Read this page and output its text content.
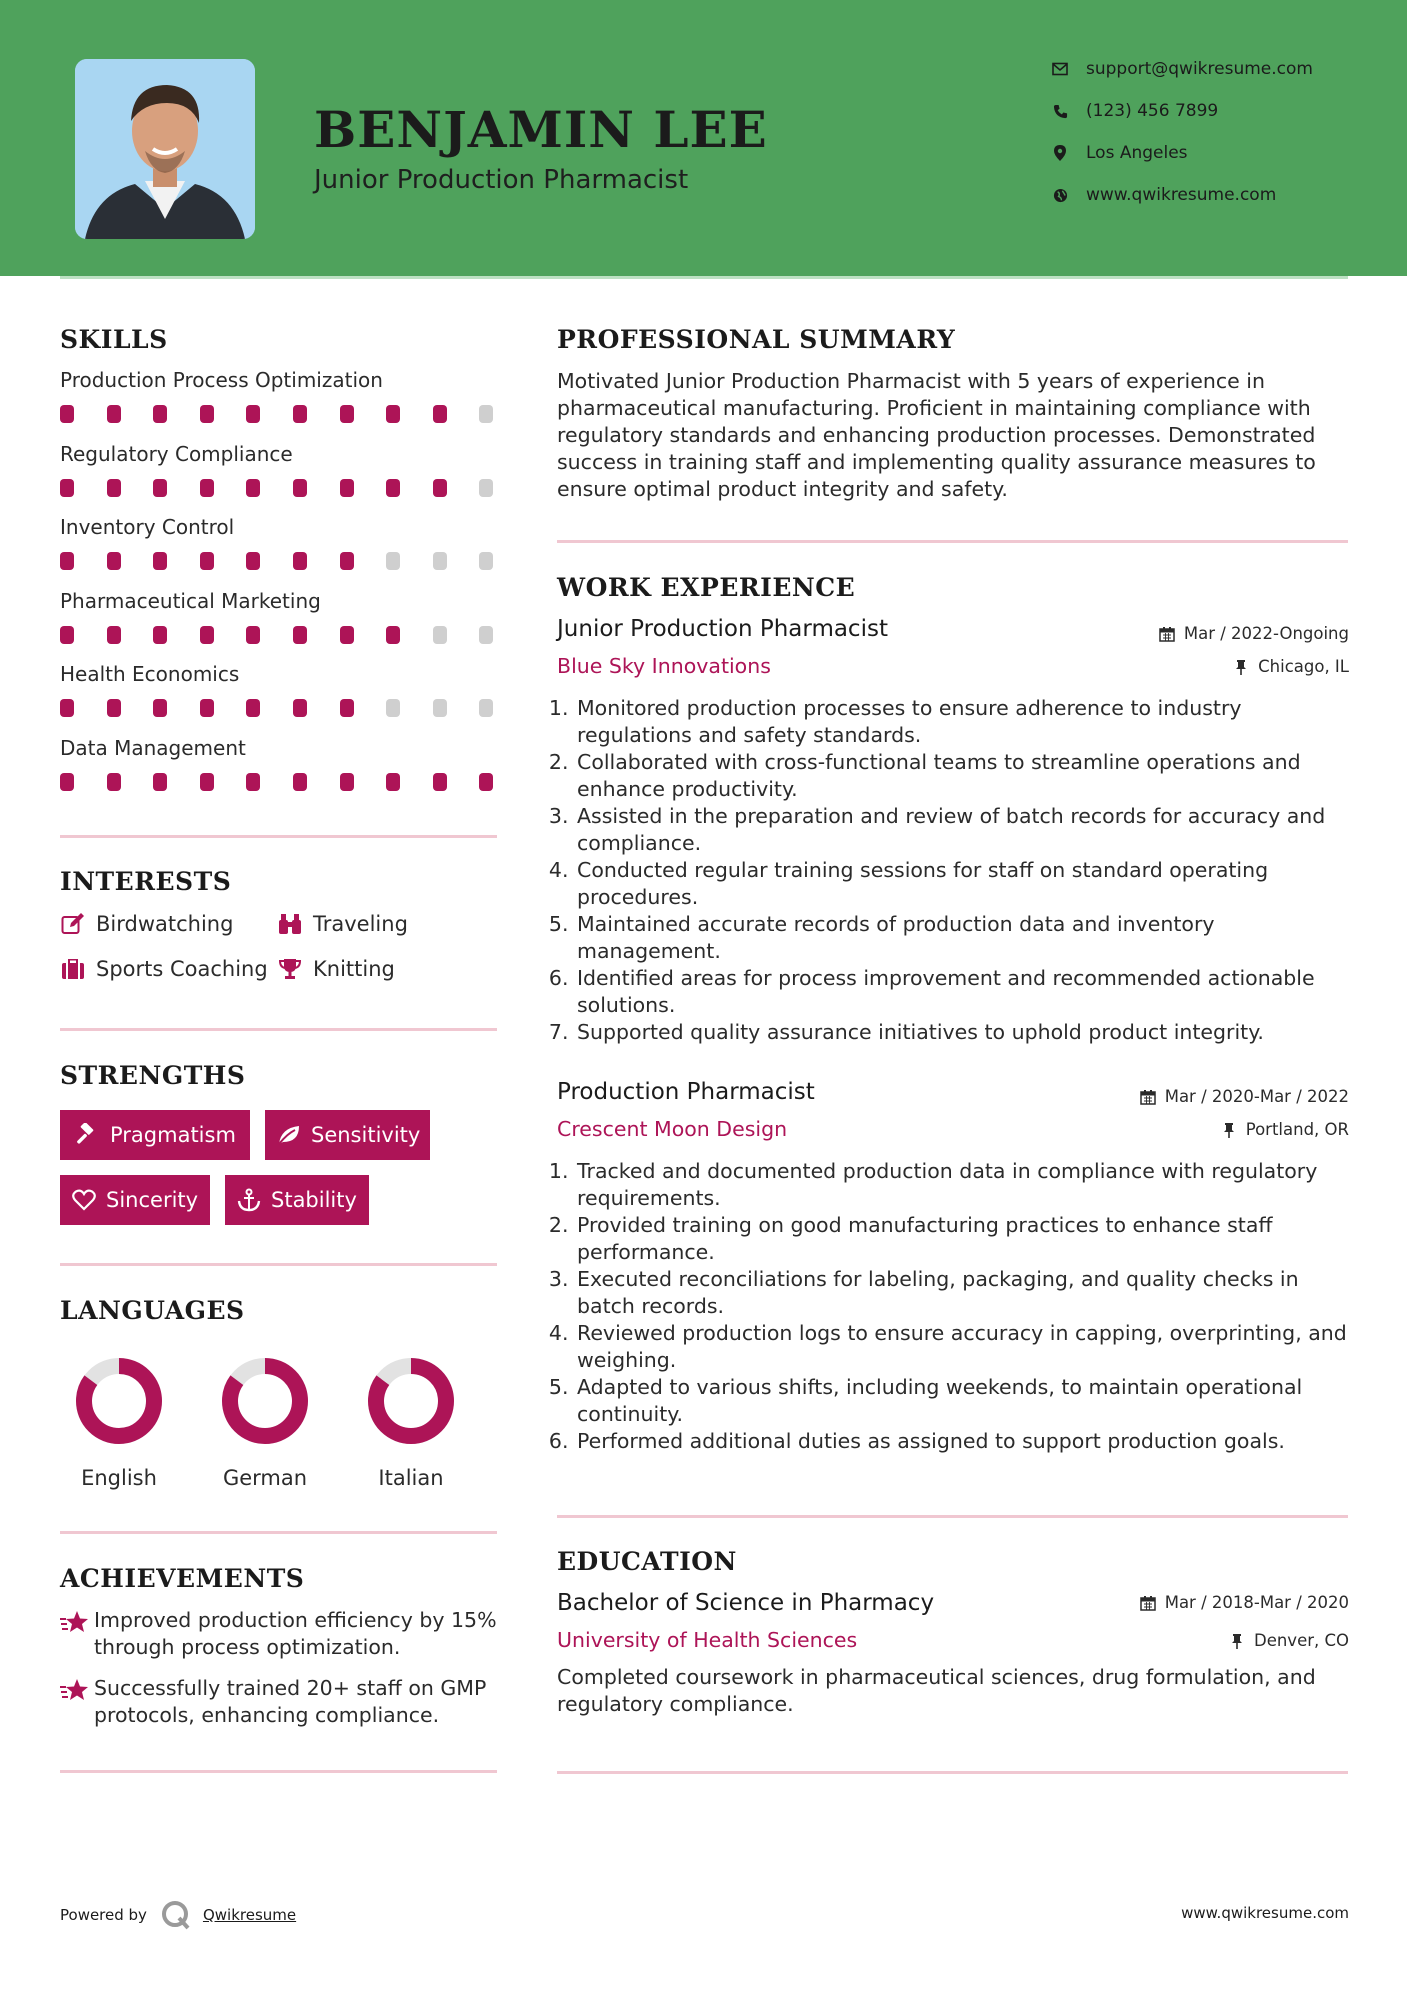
BENJAMIN LEE
Junior Production Pharmacist
support@qwikresume.com
(123) 456 7899
Los Angeles
www.qwikresume.com
SKILLS
Production Process Optimization
Regulatory Compliance
Inventory Control
Pharmaceutical Marketing
Health Economics
Data Management
INTERESTS
Birdwatching	Traveling
Sports Coaching Knitting
STRENGTHS
Pragmatism	Sensitivity
Sincerity	Stability
LANGUAGES
English	German	Italian
ACHIEVEMENTS
Improved production efficiency by 15% through process optimization.
Successfully trained 20+ staff on GMP protocols, enhancing compliance.
PROFESSIONAL SUMMARY
Motivated Junior Production Pharmacist with 5 years of experience in pharmaceutical manufacturing. Proficient in maintaining compliance with regulatory standards and enhancing production processes. Demonstrated success in training staff and implementing quality assurance measures to ensure optimal product integrity and safety.
WORK EXPERIENCE
Junior Production Pharmacist	Mar / 2022-Ongoing
Blue Sky Innovations	Chicago, IL
1. Monitored production processes to ensure adherence to industry regulations and safety standards.
2. Collaborated with cross-functional teams to streamline operations and enhance productivity.
3. Assisted in the preparation and review of batch records for accuracy and compliance.
4. Conducted regular training sessions for staff on standard operating procedures.
5. Maintained accurate records of production data and inventory management.
6. Identified areas for process improvement and recommended actionable solutions.
7. Supported quality assurance initiatives to uphold product integrity.
Production Pharmacist	Mar / 2020-Mar / 2022
Crescent Moon Design	Portland, OR
1. Tracked and documented production data in compliance with regulatory requirements.
2. Provided training on good manufacturing practices to enhance staff performance.
3. Executed reconciliations for labeling, packaging, and quality checks in batch records.
4. Reviewed production logs to ensure accuracy in capping, overprinting, and weighing.
5. Adapted to various shifts, including weekends, to maintain operational continuity.
6. Performed additional duties as assigned to support production goals.
EDUCATION
Bachelor of Science in Pharmacy	Mar / 2018-Mar / 2020
University of Health Sciences	Denver, CO
Completed coursework in pharmaceutical sciences, drug formulation, and regulatory compliance.
Powered by	Qwikresume	www.qwikresume.com
